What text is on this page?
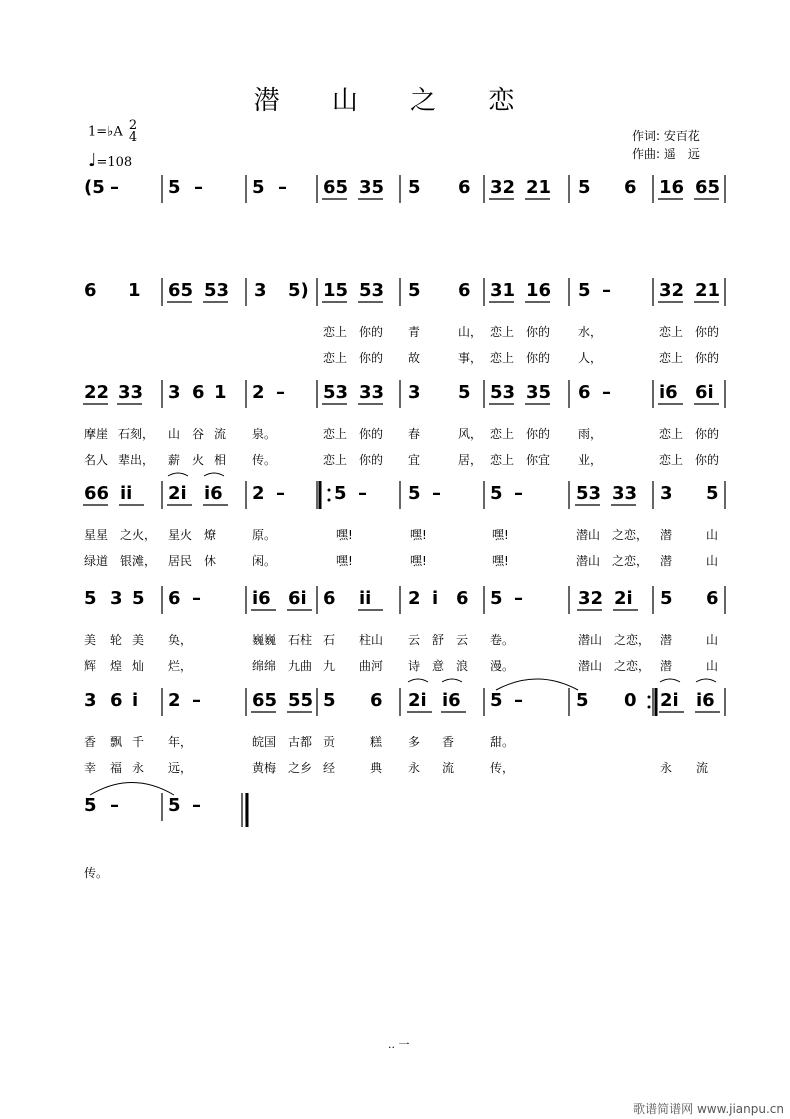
潜 山 之 恋
1=♭A 2
4
♩=108
作词: 安百花
作曲: 遥　远
(5 –	5 –	5 – 65 35 5 6 32 21 5 6 16 65
6 1 65 53 3 5) 15 53 5 6 31 16 5 –	32 21
恋上 你的 青	山， 恋上 你的 水，	恋上 你的
恋上 你的 故	事， 恋上 你的 人，	恋上 你的
22 33 3 6 1 2 – 53 33 3 5 53 35 6 –	i6 6i
摩崖 石刻， 山 谷 流 泉。	恋上 你的 春	风， 恋上 你的 雨，	恋上 你的
名人 辈出， 薪 火 相 传。	恋上 你的 宜	居， 恋上 你宜 业，	恋上 你的
66 ii 2i i6 2 –	5 – 5 –	5 –	53 33 3 5
星星 之火， 星火 燎	原。	嘿!	嘿!	嘿!	潜山 之恋， 潜	山
绿道 银滩， 居民 休	闲。	嘿!	嘿!	嘿!	潜山 之恋， 潜	山
5 3 5 6 –	i6 6i 6 ii 2 i 6 5 –	32 2i 5 6
美 轮 美 奂，	巍巍 石柱 石 柱山 云 舒 云 卷。	潜山 之恋， 潜	山
辉 煌 灿 烂，	绵绵 九曲 九 曲河 诗 意 浪 漫。	潜山 之恋， 潜	山
3 6 i 2 –	65 55 5 6 2i i6 5 –	5 0 2i i6
香 飘 千 年，	皖国 古都 贡	糕 多 香	甜。
幸 福 永 远，	黄梅 之乡 经	典 永 流	传，	永 流
5 –	5 –
传。
.. 一
歌谱简谱网 www.jianpu.cn
